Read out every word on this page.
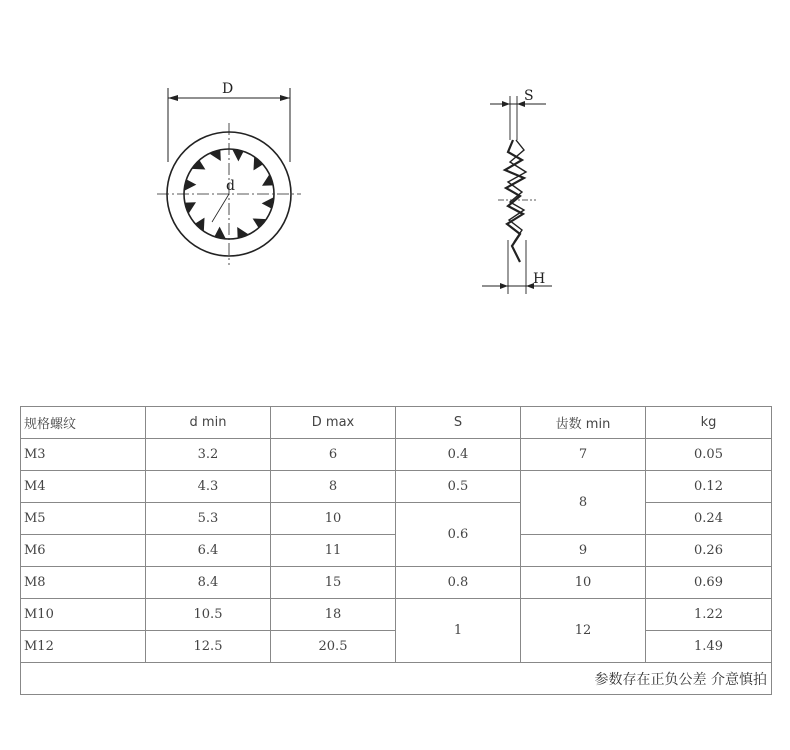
D
d
S
H
规格螺纹	d min	D max	S	齿数 min	kg
M3	3.2	6	0.4	7	0.05
M4	4.3	8	0.5	8	0.12
M5	5.3	10	0.6		0.24
M6	6.4	11		9	0.26
M8	8.4	15	0.8	10	0.69
M10	10.5	18	1	12	1.22
M12	12.5	20.5			1.49
参数存在正负公差 介意慎拍					
